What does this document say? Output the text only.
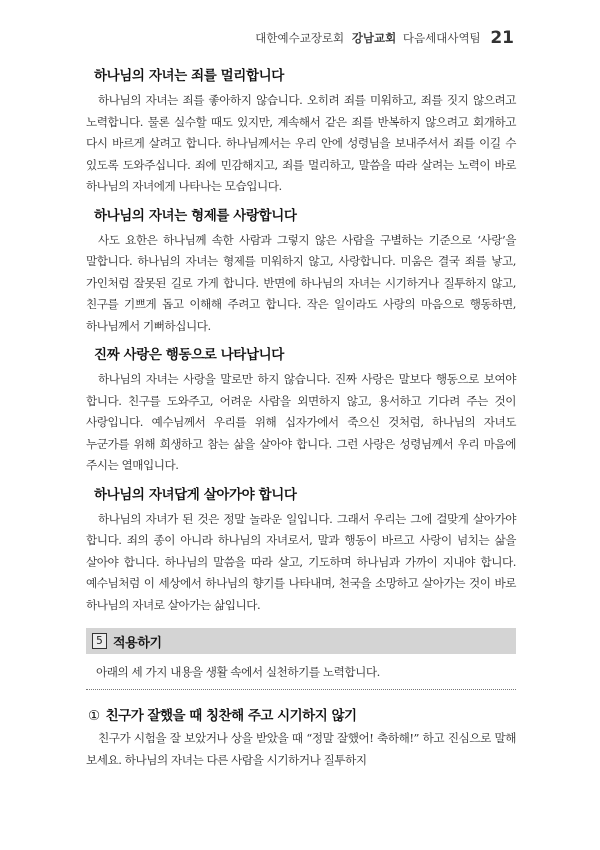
대한예수교장로회 강남교회 다음세대사역팀 21
하나님의 자녀는 죄를 멀리합니다

하나님의 자녀는 죄를 좋아하지 않습니다. 오히려 죄를 미워하고, 죄를 짓지 않으려고 노력합니다. 물론 실수할 때도 있지만, 계속해서 같은 죄를 반복하지 않으려고 회개하고 다시 바르게 살려고 합니다. 하나님께서는 우리 안에 성령님을 보내주셔서 죄를 이길 수 있도록 도와주십니다. 죄에 민감해지고, 죄를 멀리하고, 말씀을 따라 살려는 노력이 바로 하나님의 자녀에게 나타나는 모습입니다.

하나님의 자녀는 형제를 사랑합니다

사도 요한은 하나님께 속한 사람과 그렇지 않은 사람을 구별하는 기준으로 ‘사랑’을 말합니다. 하나님의 자녀는 형제를 미워하지 않고, 사랑합니다. 미움은 결국 죄를 낳고, 가인처럼 잘못된 길로 가게 합니다. 반면에 하나님의 자녀는 시기하거나 질투하지 않고, 친구를 기쁘게 돕고 이해해 주려고 합니다. 작은 일이라도 사랑의 마음으로 행동하면, 하나님께서 기뻐하십니다.

진짜 사랑은 행동으로 나타납니다

하나님의 자녀는 사랑을 말로만 하지 않습니다. 진짜 사랑은 말보다 행동으로 보여야 합니다. 친구를 도와주고, 어려운 사람을 외면하지 않고, 용서하고 기다려 주는 것이 사랑입니다. 예수님께서 우리를 위해 십자가에서 죽으신 것처럼, 하나님의 자녀도 누군가를 위해 희생하고 참는 삶을 살아야 합니다. 그런 사랑은 성령님께서 우리 마음에 주시는 열매입니다.

하나님의 자녀답게 살아가야 합니다

하나님의 자녀가 된 것은 정말 놀라운 일입니다. 그래서 우리는 그에 걸맞게 살아가야 합니다. 죄의 종이 아니라 하나님의 자녀로서, 말과 행동이 바르고 사랑이 넘치는 삶을 살아야 합니다. 하나님의 말씀을 따라 살고, 기도하며 하나님과 가까이 지내야 합니다. 예수님처럼 이 세상에서 하나님의 향기를 나타내며, 천국을 소망하고 살아가는 것이 바로 하나님의 자녀로 살아가는 삶입니다.

5 적용하기
아래의 세 가지 내용을 생활 속에서 실천하기를 노력합니다.
① 친구가 잘했을 때 칭찬해 주고 시기하지 않기

친구가 시험을 잘 보았거나 상을 받았을 때 “정말 잘했어! 축하해!” 하고 진심으로 말해 보세요. 하나님의 자녀는 다른 사람을 시기하거나 질투하지
